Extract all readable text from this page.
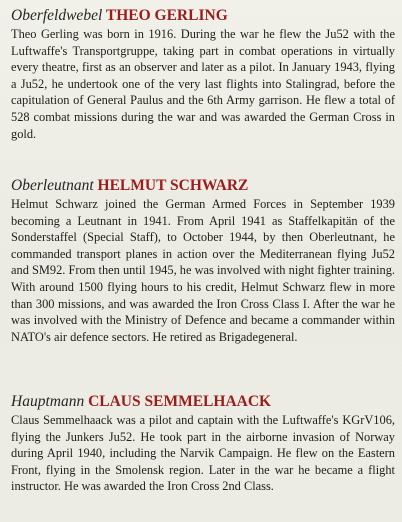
Oberfeldwebel THEO GERLING

Theo Gerling was born in 1916. During the war he flew the Ju52 with the Luftwaffe's Transportgruppe, taking part in combat operations in virtually every theatre, first as an observer and later as a pilot. In January 1943, flying a Ju52, he undertook one of the very last flights into Stalingrad, before the capitulation of General Paulus and the 6th Army garrison. He flew a total of 528 combat missions during the war and was awarded the German Cross in gold.

Oberleutnant HELMUT SCHWARZ

Helmut Schwarz joined the German Armed Forces in September 1939 becoming a Leutnant in 1941. From April 1941 as Staffelkapitän of the Sonderstaffel (Special Staff), to October 1944, by then Oberleutnant, he commanded transport planes in action over the Mediterranean flying Ju52 and SM92. From then until 1945, he was involved with night fighter training. With around 1500 flying hours to his credit, Helmut Schwarz flew in more than 300 missions, and was awarded the Iron Cross Class I. After the war he was involved with the Ministry of Defence and became a commander within NATO's air defence sectors. He retired as Brigadegeneral.

Hauptmann CLAUS SEMMELHAACK

Claus Semmelhaack was a pilot and captain with the Luftwaffe's KGrV106, flying the Junkers Ju52. He took part in the airborne invasion of Norway during April 1940, including the Narvik Campaign. He flew on the Eastern Front, flying in the Smolensk region. Later in the war he became a flight instructor. He was awarded the Iron Cross 2nd Class.
